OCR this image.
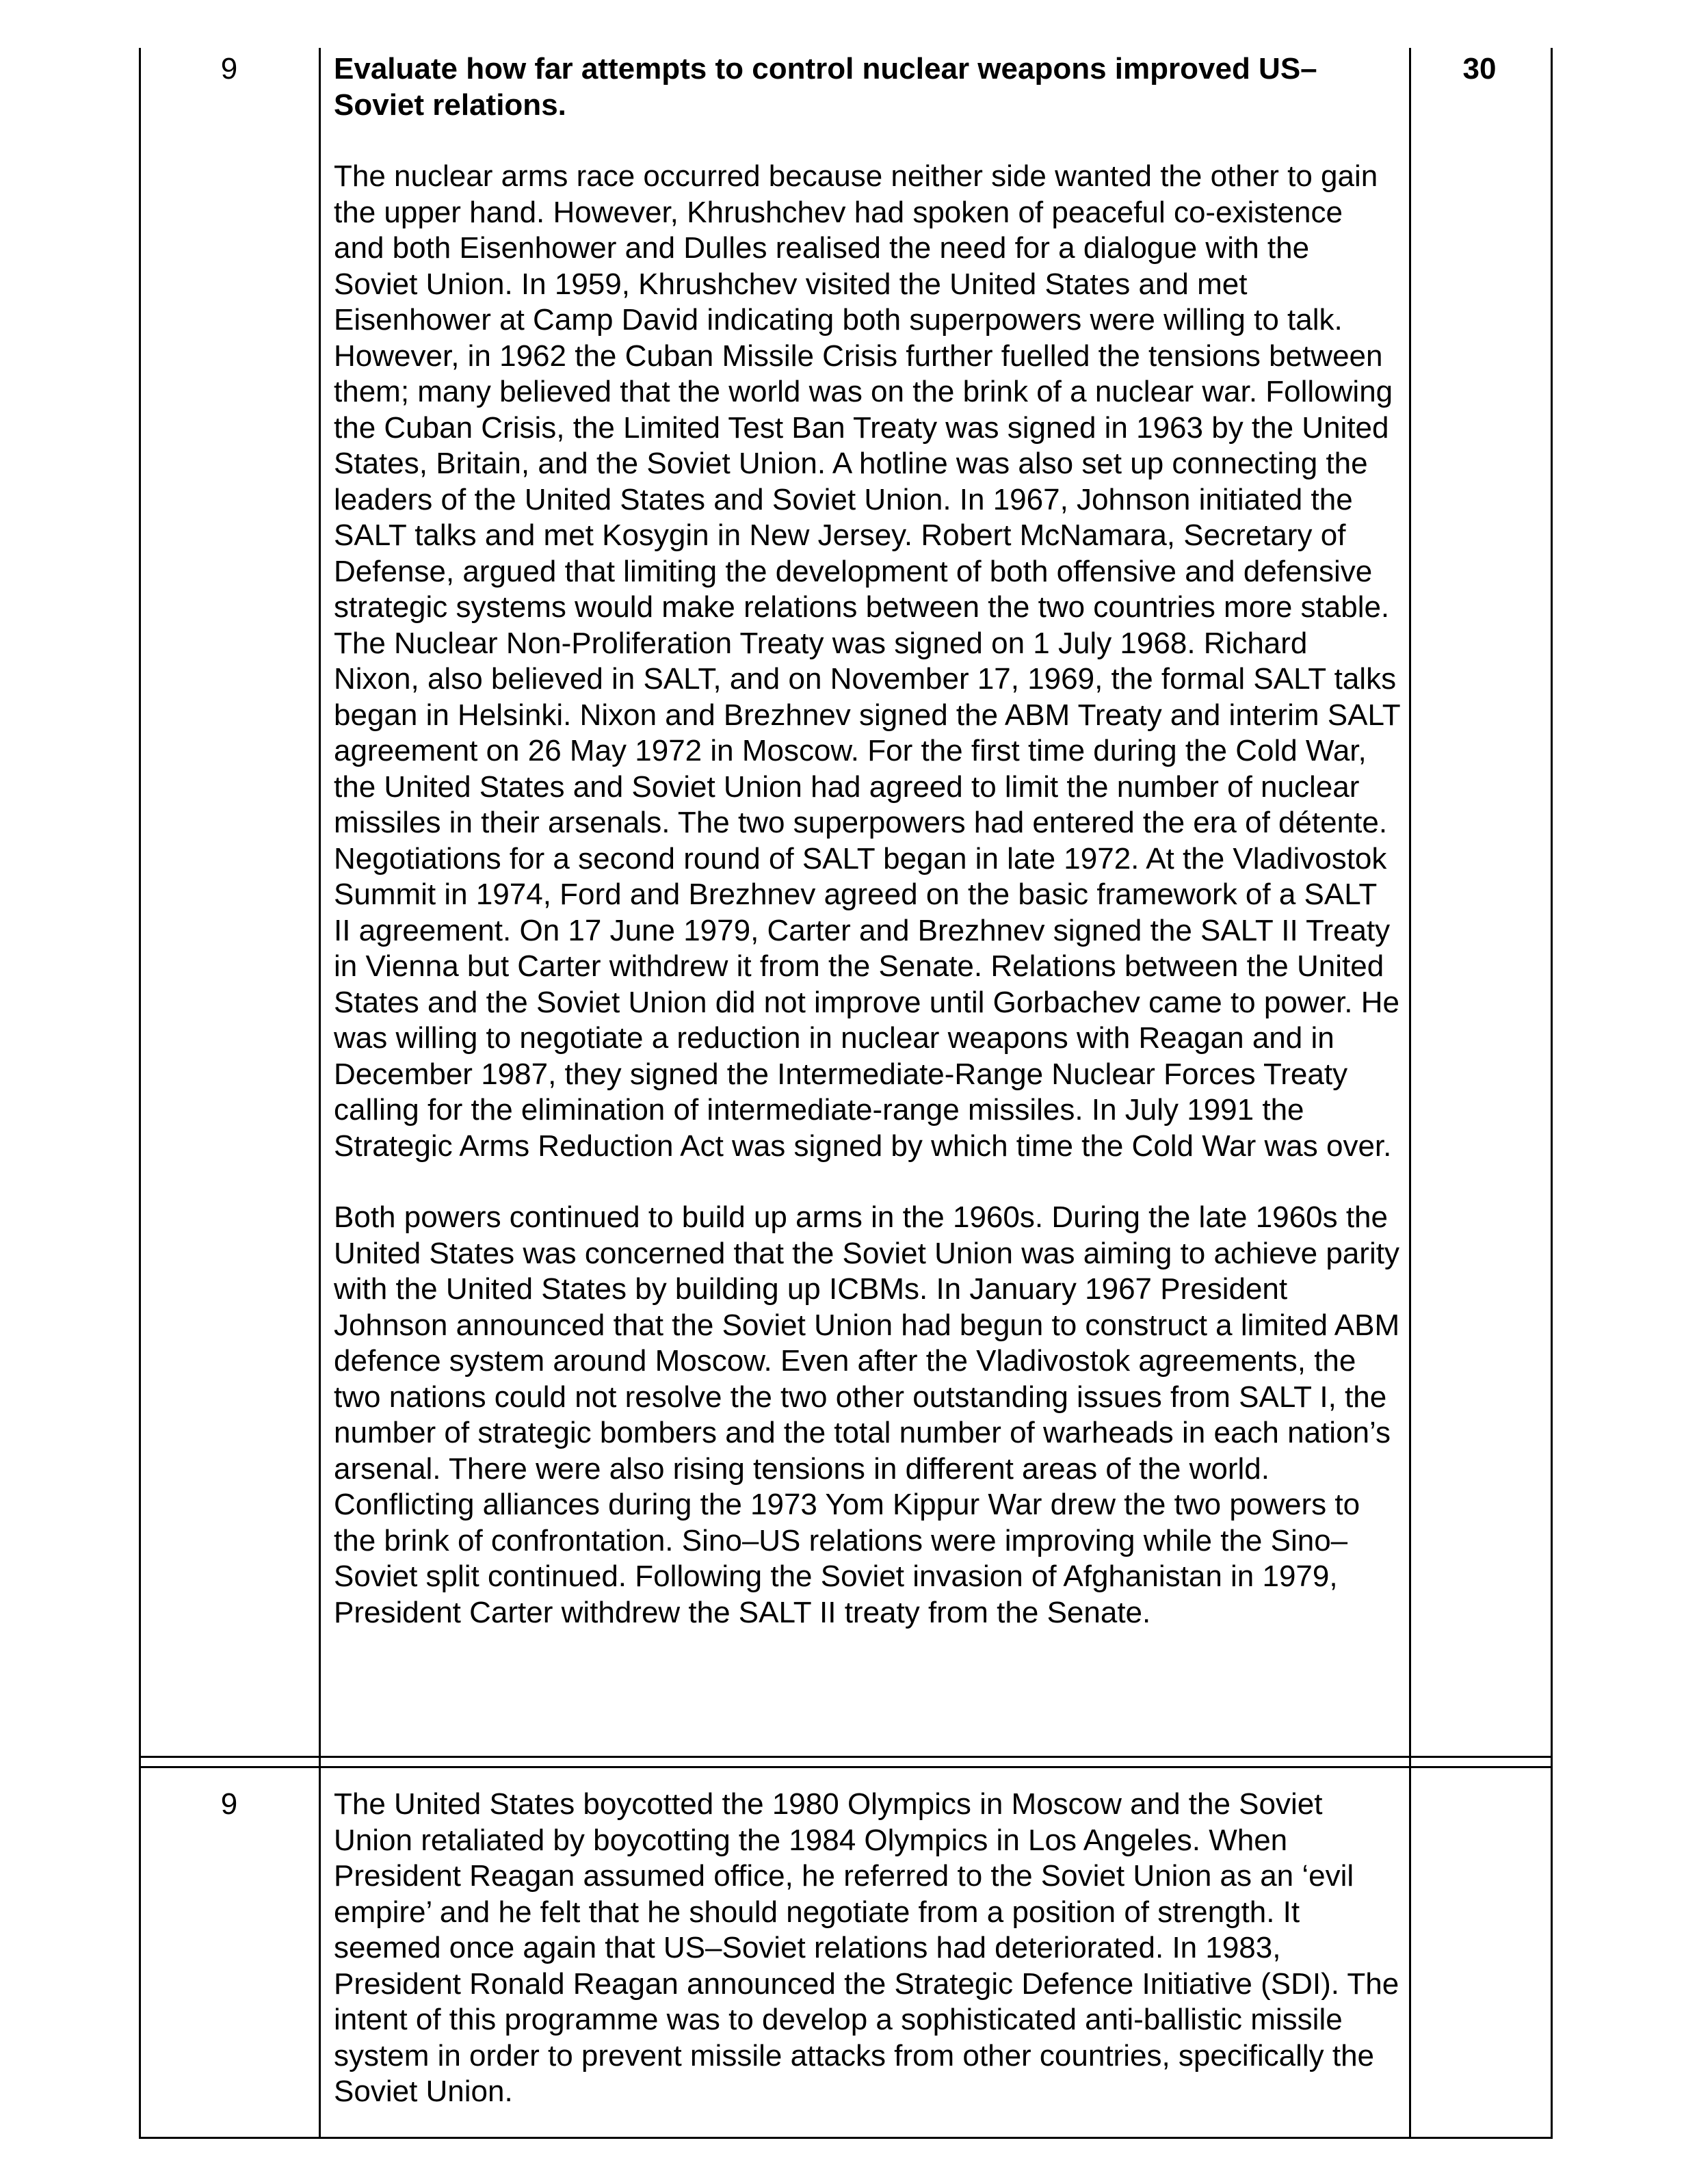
9	30

Evaluate how far attempts to control nuclear weapons improved US–Soviet relations.

The nuclear arms race occurred because neither side wanted the other to gain the upper hand. However, Khrushchev had spoken of peaceful co-existence and both Eisenhower and Dulles realised the need for a dialogue with the Soviet Union. In 1959, Khrushchev visited the United States and met Eisenhower at Camp David indicating both superpowers were willing to talk. However, in 1962 the Cuban Missile Crisis further fuelled the tensions between them; many believed that the world was on the brink of a nuclear war. Following the Cuban Crisis, the Limited Test Ban Treaty was signed in 1963 by the United States, Britain, and the Soviet Union. A hotline was also set up connecting the leaders of the United States and Soviet Union. In 1967, Johnson initiated the SALT talks and met Kosygin in New Jersey. Robert McNamara, Secretary of Defense, argued that limiting the development of both offensive and defensive strategic systems would make relations between the two countries more stable. The Nuclear Non-Proliferation Treaty was signed on 1 July 1968. Richard Nixon, also believed in SALT, and on November 17, 1969, the formal SALT talks began in Helsinki. Nixon and Brezhnev signed the ABM Treaty and interim SALT agreement on 26 May 1972 in Moscow. For the first time during the Cold War, the United States and Soviet Union had agreed to limit the number of nuclear missiles in their arsenals. The two superpowers had entered the era of détente. Negotiations for a second round of SALT began in late 1972. At the Vladivostok Summit in 1974, Ford and Brezhnev agreed on the basic framework of a SALT II agreement. On 17 June 1979, Carter and Brezhnev signed the SALT II Treaty in Vienna but Carter withdrew it from the Senate. Relations between the United States and the Soviet Union did not improve until Gorbachev came to power. He was willing to negotiate a reduction in nuclear weapons with Reagan and in December 1987, they signed the Intermediate-Range Nuclear Forces Treaty calling for the elimination of intermediate-range missiles. In July 1991 the Strategic Arms Reduction Act was signed by which time the Cold War was over.

Both powers continued to build up arms in the 1960s. During the late 1960s the United States was concerned that the Soviet Union was aiming to achieve parity with the United States by building up ICBMs. In January 1967 President Johnson announced that the Soviet Union had begun to construct a limited ABM defence system around Moscow. Even after the Vladivostok agreements, the two nations could not resolve the two other outstanding issues from SALT I, the number of strategic bombers and the total number of warheads in each nation’s arsenal. There were also rising tensions in different areas of the world. Conflicting alliances during the 1973 Yom Kippur War drew the two powers to the brink of confrontation. Sino–US relations were improving while the Sino–Soviet split continued. Following the Soviet invasion of Afghanistan in 1979, President Carter withdrew the SALT II treaty from the Senate.

9	The United States boycotted the 1980 Olympics in Moscow and the Soviet Union retaliated by boycotting the 1984 Olympics in Los Angeles. When President Reagan assumed office, he referred to the Soviet Union as an ‘evil empire’ and he felt that he should negotiate from a position of strength. It seemed once again that US–Soviet relations had deteriorated. In 1983, President Ronald Reagan announced the Strategic Defence Initiative (SDI). The intent of this programme was to develop a sophisticated anti-ballistic missile system in order to prevent missile attacks from other countries, specifically the Soviet Union.
